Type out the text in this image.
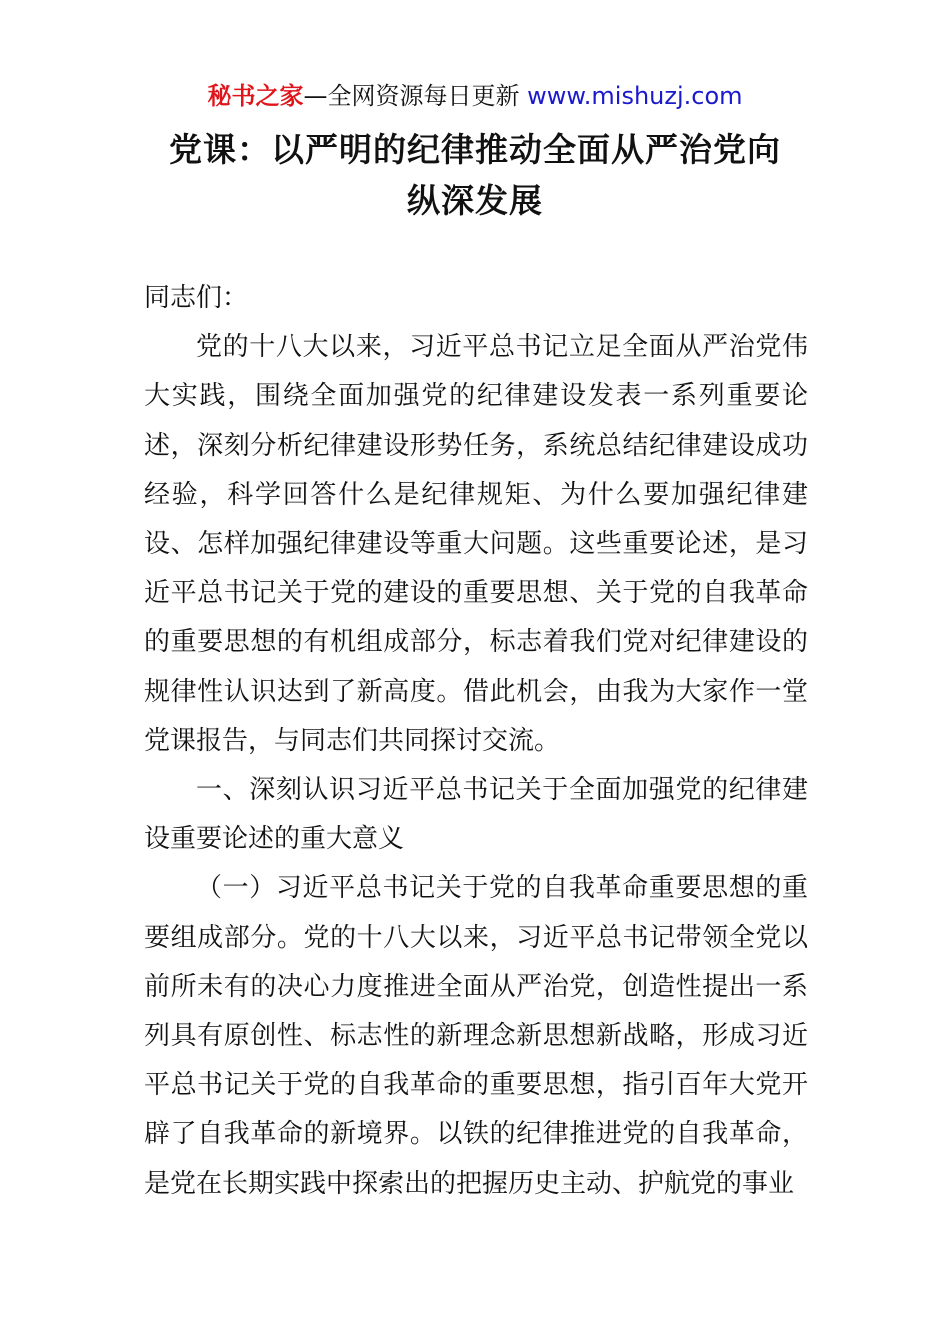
秘书之家—全网资源每日更新 www.mishuzj.com
党课：以严明的纪律推动全面从严治党向
纵深发展

同志们：

党的十八大以来，习近平总书记立足全面从严治党伟大实践，围绕全面加强党的纪律建设发表一系列重要论述，深刻分析纪律建设形势任务，系统总结纪律建设成功经验，科学回答什么是纪律规矩、为什么要加强纪律建设、怎样加强纪律建设等重大问题。这些重要论述，是习近平总书记关于党的建设的重要思想、关于党的自我革命的重要思想的有机组成部分，标志着我们党对纪律建设的规律性认识达到了新高度。借此机会，由我为大家作一堂党课报告，与同志们共同探讨交流。

一、深刻认识习近平总书记关于全面加强党的纪律建设重要论述的重大意义

（一）习近平总书记关于党的自我革命重要思想的重要组成部分。党的十八大以来，习近平总书记带领全党以前所未有的决心力度推进全面从严治党，创造性提出一系列具有原创性、标志性的新理念新思想新战略，形成习近平总书记关于党的自我革命的重要思想，指引百年大党开辟了自我革命的新境界。以铁的纪律推进党的自我革命，是党在长期实践中探索出的把握历史主动、护航党的事业
